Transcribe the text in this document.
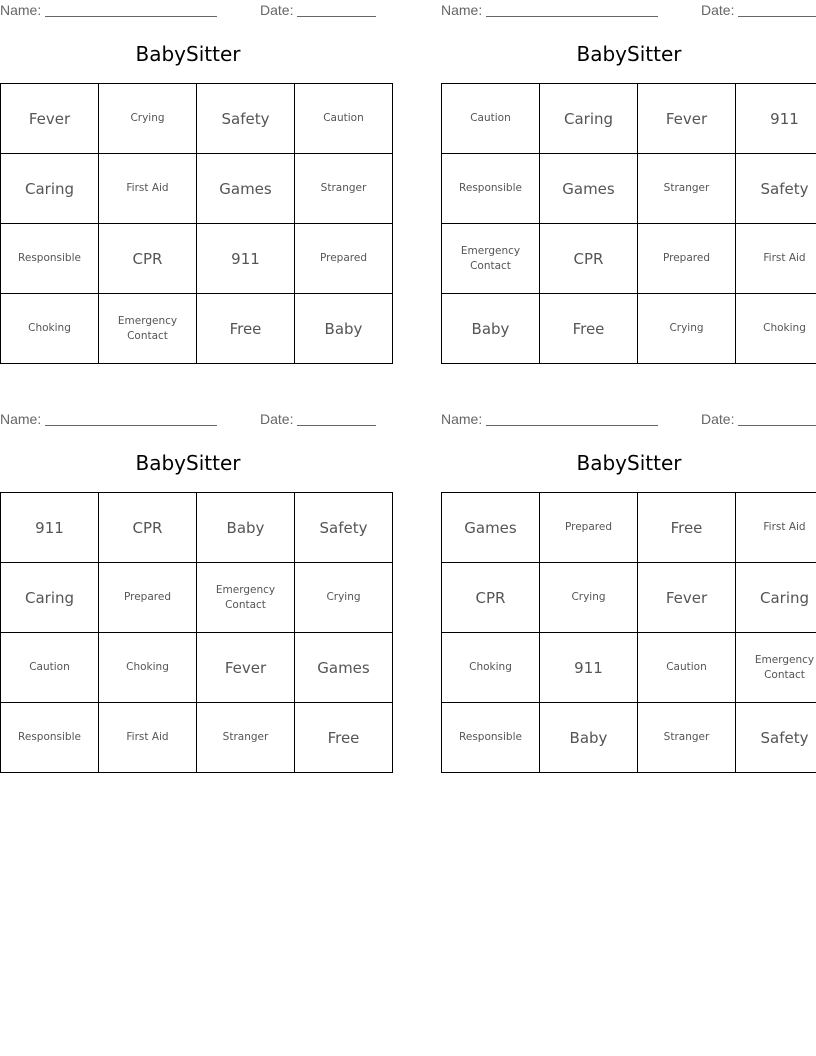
Name:	Date:
BabySitter
Fever	Crying	Safety	Caution
Caring	First Aid	Games	Stranger
Responsible	CPR	911	Prepared
Choking	Emergency Contact	Free	Baby
Name:	Date:
BabySitter
Caution	Caring	Fever	911
Responsible	Games	Stranger	Safety
Emergency Contact	CPR	Prepared	First Aid
Baby	Free	Crying	Choking
Name:	Date:
BabySitter
911	CPR	Baby	Safety
Caring	Prepared	Emergency Contact	Crying
Caution	Choking	Fever	Games
Responsible	First Aid	Stranger	Free
Name:	Date:
BabySitter
Games	Prepared	Free	First Aid
CPR	Crying	Fever	Caring
Choking	911	Caution	Emergency Contact
Responsible	Baby	Stranger	Safety
